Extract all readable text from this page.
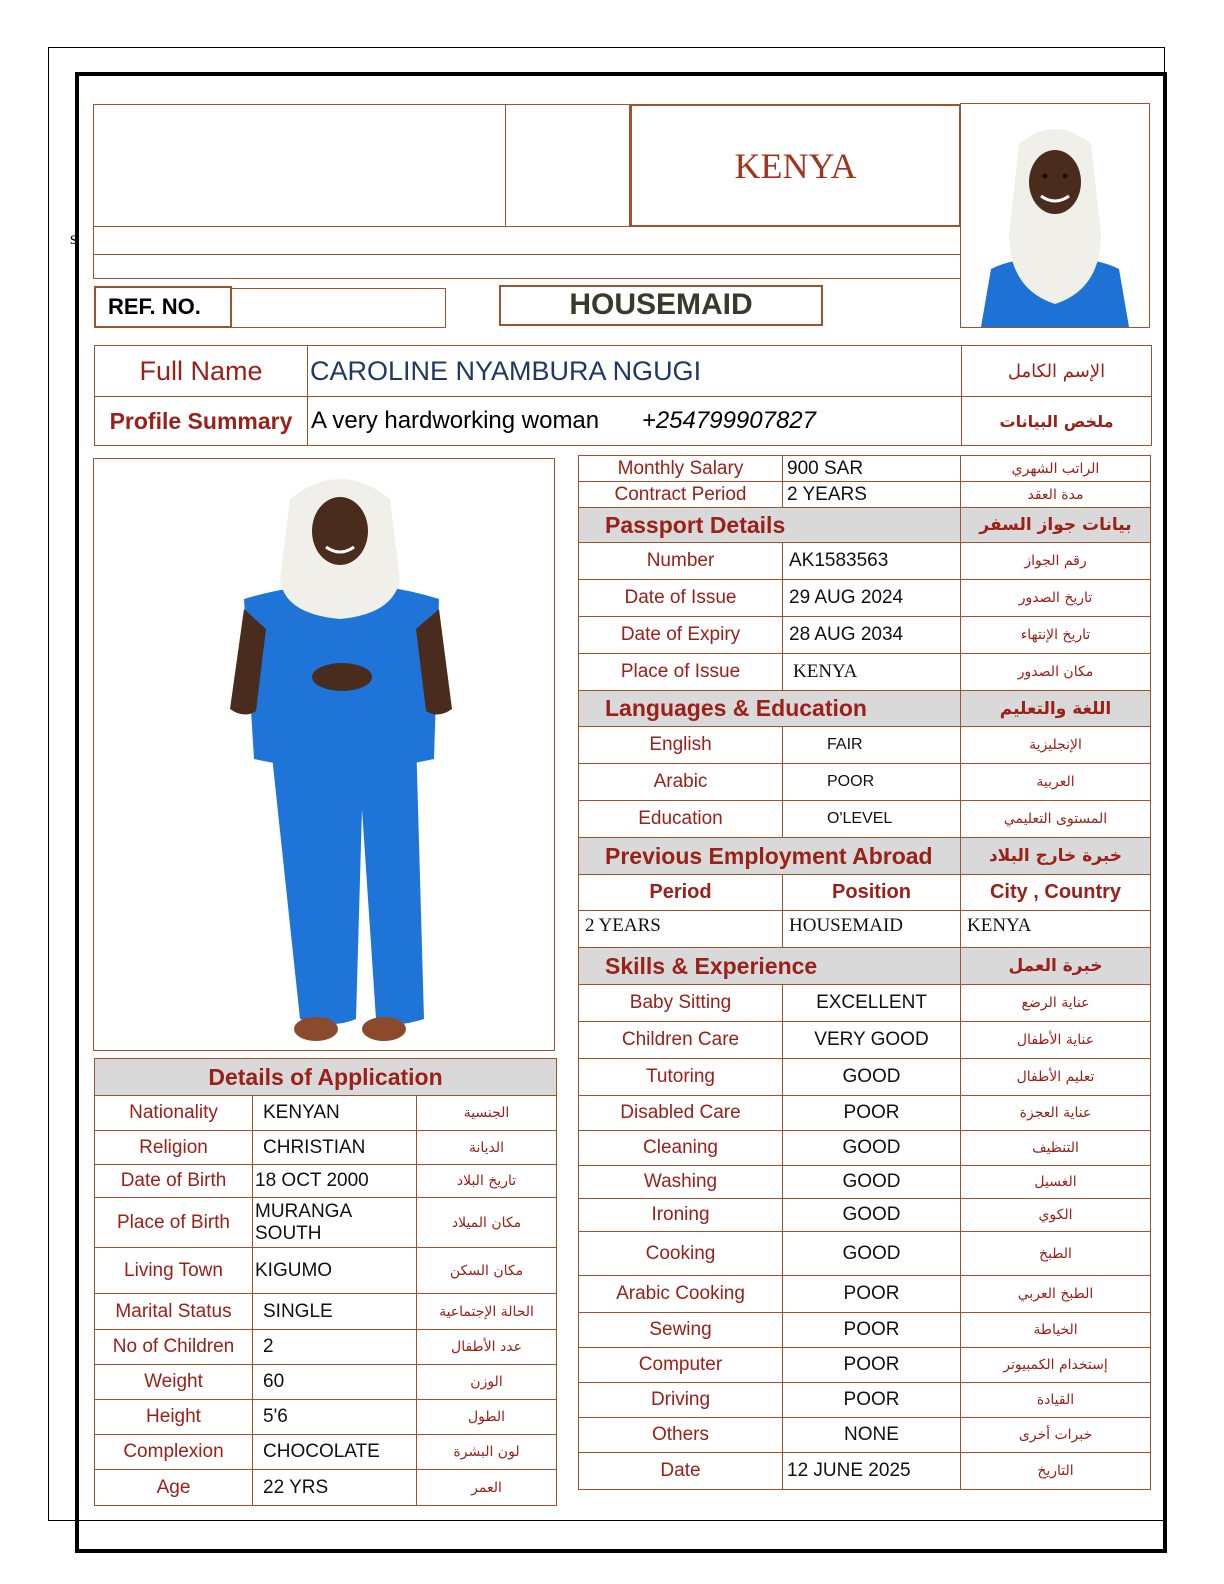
s
KENYA
REF. NO.	HOUSEMAID
Full Name	CAROLINE NYAMBURA NGUGI	الإسم الكامل
Profile Summary	A very hardworking woman +254799907827	ملخص البيانات
Monthly Salary	900 SAR	الراتب الشهري
Contract Period	2 YEARS	مدة العقد
Passport Details		بيانات جواز السفر
Number	AK1583563	رقم الجواز
Date of Issue	29 AUG 2024	تاريخ الصدور
Date of Expiry	28 AUG 2034	تاريخ الإنتهاء
Place of Issue	KENYA	مكان الصدور
Languages & Education		اللغة والتعليم
English	FAIR	الإنجليزية
Arabic	POOR	العربية
Education	O'LEVEL	المستوى التعليمي
Previous Employment Abroad		خبرة خارج البلاد
Period	Position	City , Country
2 YEARS	HOUSEMAID	KENYA
Skills & Experience		خبرة العمل
Baby Sitting	EXCELLENT	عناية الرضع
Children Care	VERY GOOD	عناية الأطفال
Tutoring	GOOD	تعليم الأطفال
Disabled Care	POOR	عناية العجزة
Cleaning	GOOD	التنظيف
Washing	GOOD	الغسيل
Ironing	GOOD	الكوي
Cooking	GOOD	الطبخ
Arabic Cooking	POOR	الطبخ العربي
Sewing	POOR	الخياطة
Computer	POOR	إستخدام الكمبيوتر
Driving	POOR	القيادة
Others	NONE	خبرات أخرى
Date	12 JUNE 2025	التاريخ
Details of Application		
Nationality	KENYAN	الجنسية
Religion	CHRISTIAN	الديانة
Date of Birth	18 OCT 2000	تاريخ البلاد
Place of Birth	MURANGA SOUTH	مكان الميلاد
Living Town	KIGUMO	مكان السكن
Marital Status	SINGLE	الحالة الإجتماعية
No of Children	2	عدد الأطفال
Weight	60	الوزن
Height	5'6	الطول
Complexion	CHOCOLATE	لون البشرة
Age	22 YRS	العمر
